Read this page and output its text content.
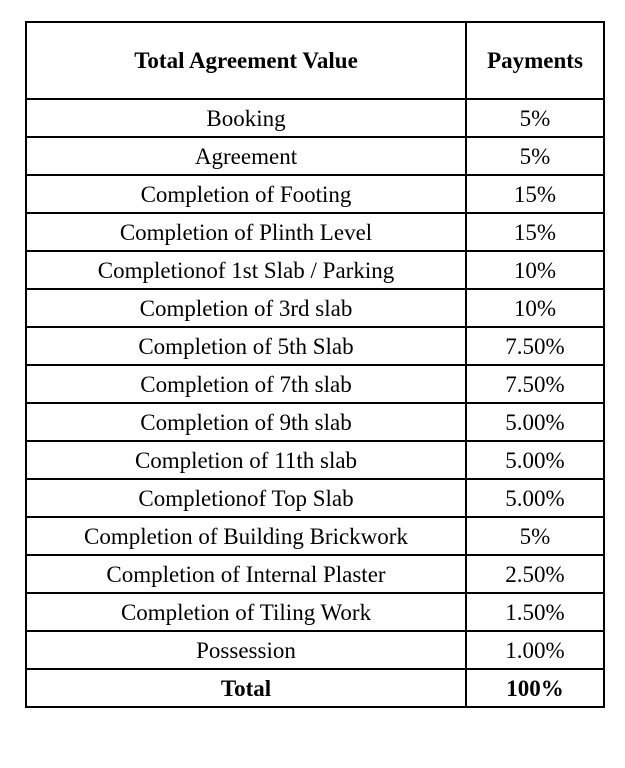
Total Agreement Value	Payments
Booking	5%
Agreement	5%
Completion of Footing	15%
Completion of Plinth Level	15%
Completionof 1st Slab / Parking	10%
Completion of 3rd slab	10%
Completion of 5th Slab	7.50%
Completion of 7th slab	7.50%
Completion of 9th slab	5.00%
Completion of 11th slab	5.00%
Completionof Top Slab	5.00%
Completion of Building Brickwork	5%
Completion of Internal Plaster	2.50%
Completion of Tiling Work	1.50%
Possession	1.00%
Total	100%
